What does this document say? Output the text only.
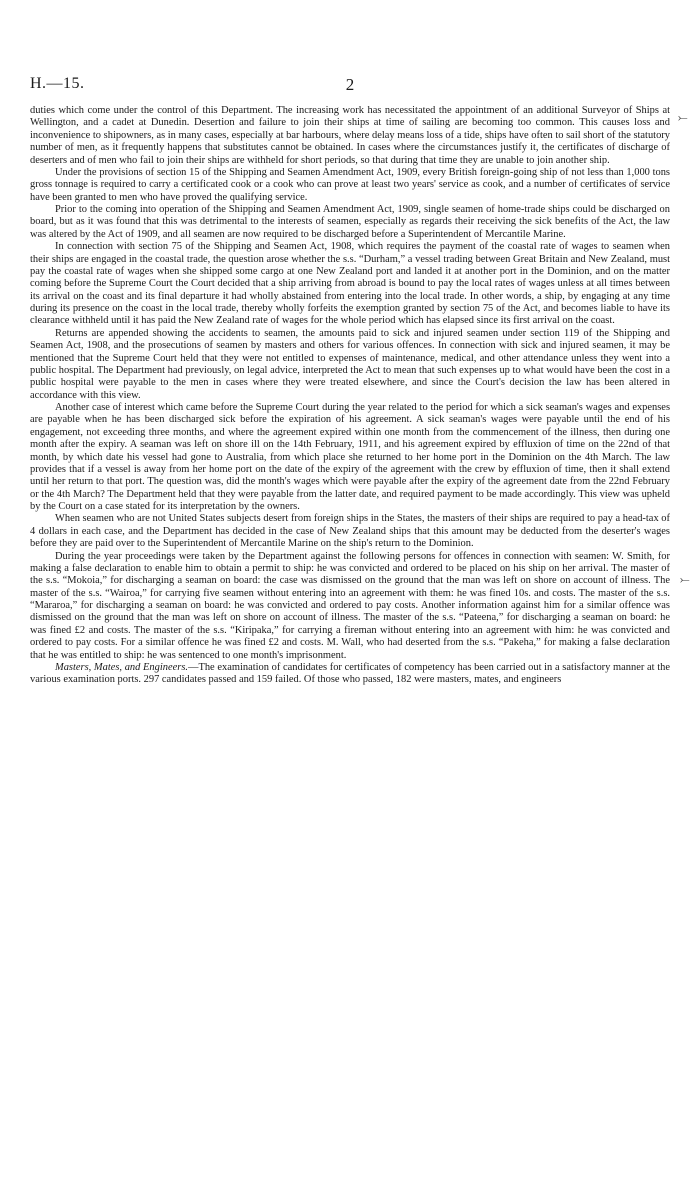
H.—15.	2

duties which come under the control of this Department. The increasing work has necessitated the appointment of an additional Surveyor of Ships at Wellington, and a cadet at Dunedin. Desertion and failure to join their ships at time of sailing are becoming too common. This causes loss and inconvenience to shipowners, as in many cases, especially at bar harbours, where delay means loss of a tide, ships have often to sail short of the statutory number of men, as it frequently happens that substitutes cannot be obtained. In cases where the circumstances justify it, the certificates of discharge of deserters and of men who fail to join their ships are withheld for short periods, so that during that time they are unable to join another ship.

Under the provisions of section 15 of the Shipping and Seamen Amendment Act, 1909, every British foreign-going ship of not less than 1,000 tons gross tonnage is required to carry a certificated cook or a cook who can prove at least two years' service as cook, and a number of certificates of service have been granted to men who have proved the qualifying service.

Prior to the coming into operation of the Shipping and Seamen Amendment Act, 1909, single seamen of home-trade ships could be discharged on board, but as it was found that this was detrimental to the interests of seamen, especially as regards their receiving the sick benefits of the Act, the law was altered by the Act of 1909, and all seamen are now required to be discharged before a Superintendent of Mercantile Marine.

In connection with section 75 of the Shipping and Seamen Act, 1908, which requires the payment of the coastal rate of wages to seamen when their ships are engaged in the coastal trade, the question arose whether the s.s. “Durham,” a vessel trading between Great Britain and New Zealand, must pay the coastal rate of wages when she shipped some cargo at one New Zealand port and landed it at another port in the Dominion, and on the matter coming before the Supreme Court the Court decided that a ship arriving from abroad is bound to pay the local rates of wages unless at all times between its arrival on the coast and its final departure it had wholly abstained from entering into the local trade. In other words, a ship, by engaging at any time during its presence on the coast in the local trade, thereby wholly forfeits the exemption granted by section 75 of the Act, and becomes liable to have its clearance withheld until it has paid the New Zealand rate of wages for the whole period which has elapsed since its first arrival on the coast.

Returns are appended showing the accidents to seamen, the amounts paid to sick and injured seamen under section 119 of the Shipping and Seamen Act, 1908, and the prosecutions of seamen by masters and others for various offences. In connection with sick and injured seamen, it may be mentioned that the Supreme Court held that they were not entitled to expenses of maintenance, medical, and other attendance unless they went into a public hospital. The Department had previously, on legal advice, interpreted the Act to mean that such expenses up to what would have been the cost in a public hospital were payable to the men in cases where they were treated elsewhere, and since the Court's decision the law has been altered in accordance with this view.

Another case of interest which came before the Supreme Court during the year related to the period for which a sick seaman's wages and expenses are payable when he has been discharged sick before the expiration of his agreement. A sick seaman's wages were payable until the end of his engagement, not exceeding three months, and where the agreement expired within one month from the commencement of the illness, then during one month after the expiry. A seaman was left on shore ill on the 14th February, 1911, and his agreement expired by effluxion of time on the 22nd of that month, by which date his vessel had gone to Australia, from which place she returned to her home port in the Dominion on the 4th March. The law provides that if a vessel is away from her home port on the date of the expiry of the agreement with the crew by effluxion of time, then it shall extend until her return to that port. The question was, did the month's wages which were payable after the expiry of the agreement date from the 22nd February or the 4th March? The Department held that they were payable from the latter date, and required payment to be made accordingly. This view was upheld by the Court on a case stated for its interpretation by the owners.

When seamen who are not United States subjects desert from foreign ships in the States, the masters of their ships are required to pay a head-tax of 4 dollars in each case, and the Department has decided in the case of New Zealand ships that this amount may be deducted from the deserter's wages before they are paid over to the Superintendent of Mercantile Marine on the ship's return to the Dominion.

During the year proceedings were taken by the Department against the following persons for offences in connection with seamen: W. Smith, for making a false declaration to enable him to obtain a permit to ship: he was convicted and ordered to be placed on his ship on her arrival. The master of the s.s. “Mokoia,” for discharging a seaman on board: the case was dismissed on the ground that the man was left on shore on account of illness. The master of the s.s. “Wairoa,” for carrying five seamen without entering into an agreement with them: he was fined 10s. and costs. The master of the s.s. “Mararoa,” for discharging a seaman on board: he was convicted and ordered to pay costs. Another information against him for a similar offence was dismissed on the ground that the man was left on shore on account of illness. The master of the s.s. “Pateena,” for discharging a seaman on board: he was fined £2 and costs. The master of the s.s. “Kiripaka,” for carrying a fireman without entering into an agreement with him: he was convicted and ordered to pay costs. For a similar offence he was fined £2 and costs. M. Wall, who had deserted from the s.s. “Pakeha,” for making a false declaration that he was entitled to ship: he was sentenced to one month's imprisonment.

Masters, Mates, and Engineers.—The examination of candidates for certificates of competency has been carried out in a satisfactory manner at the various examination ports. 297 candidates passed and 159 failed. Of those who passed, 182 were masters, mates, and engineers

⤚
⤚
